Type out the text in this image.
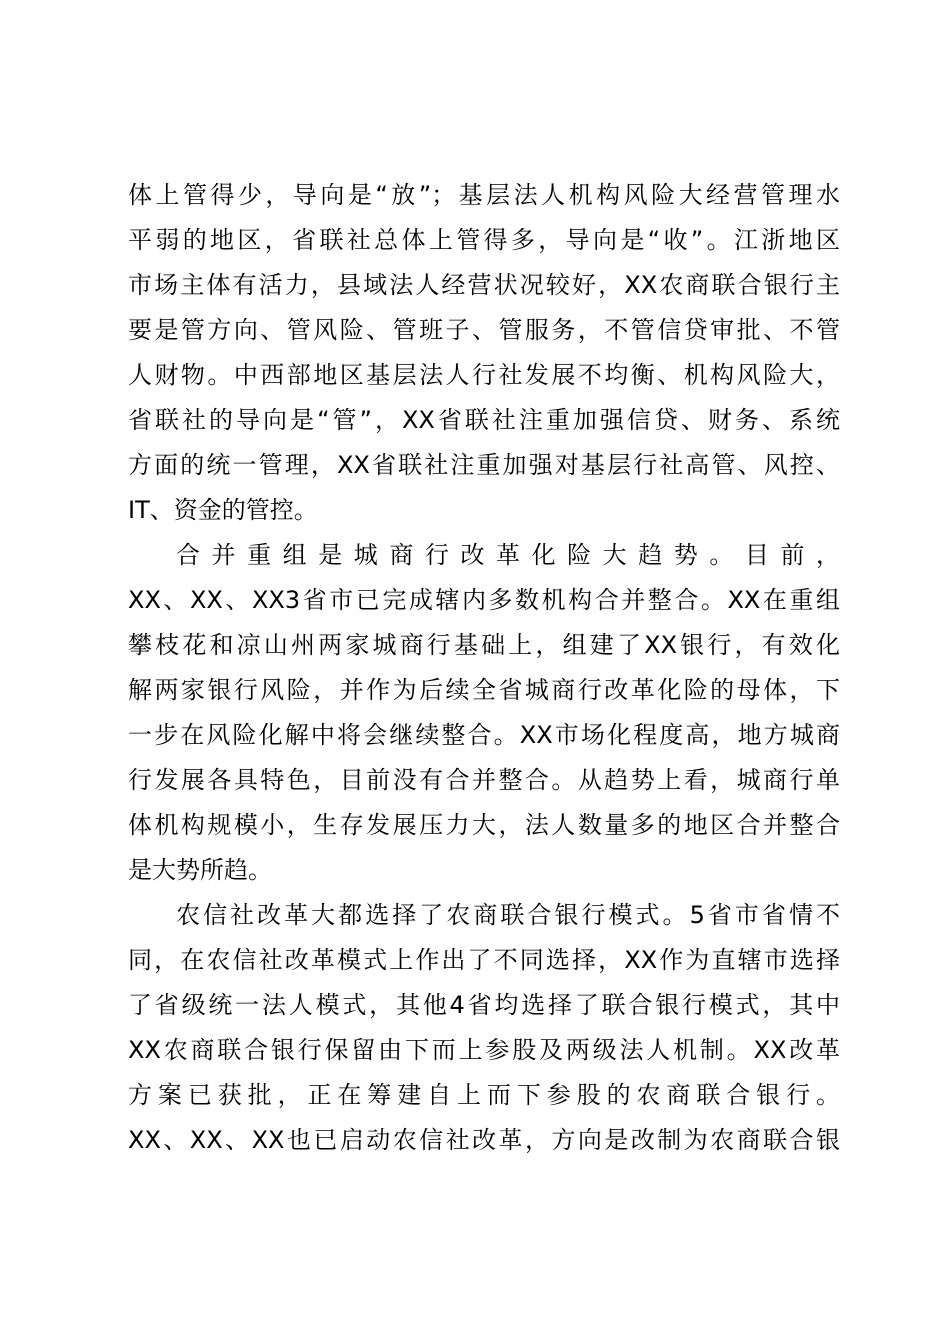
体上管得少，导向是“放”；基层法人机构风险大经营管理水
平弱的地区，省联社总体上管得多，导向是“收”。江浙地区
市场主体有活力，县域法人经营状况较好，XX农商联合银行主
要是管方向、管风险、管班子、管服务，不管信贷审批、不管
人财物。中西部地区基层法人行社发展不均衡、机构风险大，
省联社的导向是“管”，XX省联社注重加强信贷、财务、系统
方面的统一管理，XX省联社注重加强对基层行社高管、风控、
IT、资金的管控。
合并重组是城商行改革化险大趋势。目前，
XX、XX、XX3省市已完成辖内多数机构合并整合。XX在重组
攀枝花和凉山州两家城商行基础上，组建了XX银行，有效化
解两家银行风险，并作为后续全省城商行改革化险的母体，下
一步在风险化解中将会继续整合。XX市场化程度高，地方城商
行发展各具特色，目前没有合并整合。从趋势上看，城商行单
体机构规模小，生存发展压力大，法人数量多的地区合并整合
是大势所趋。
农信社改革大都选择了农商联合银行模式。5省市省情不
同，在农信社改革模式上作出了不同选择，XX作为直辖市选择
了省级统一法人模式，其他4省均选择了联合银行模式，其中
XX农商联合银行保留由下而上参股及两级法人机制。XX改革
方案已获批，正在筹建自上而下参股的农商联合银行。
XX、XX、XX也已启动农信社改革，方向是改制为农商联合银
